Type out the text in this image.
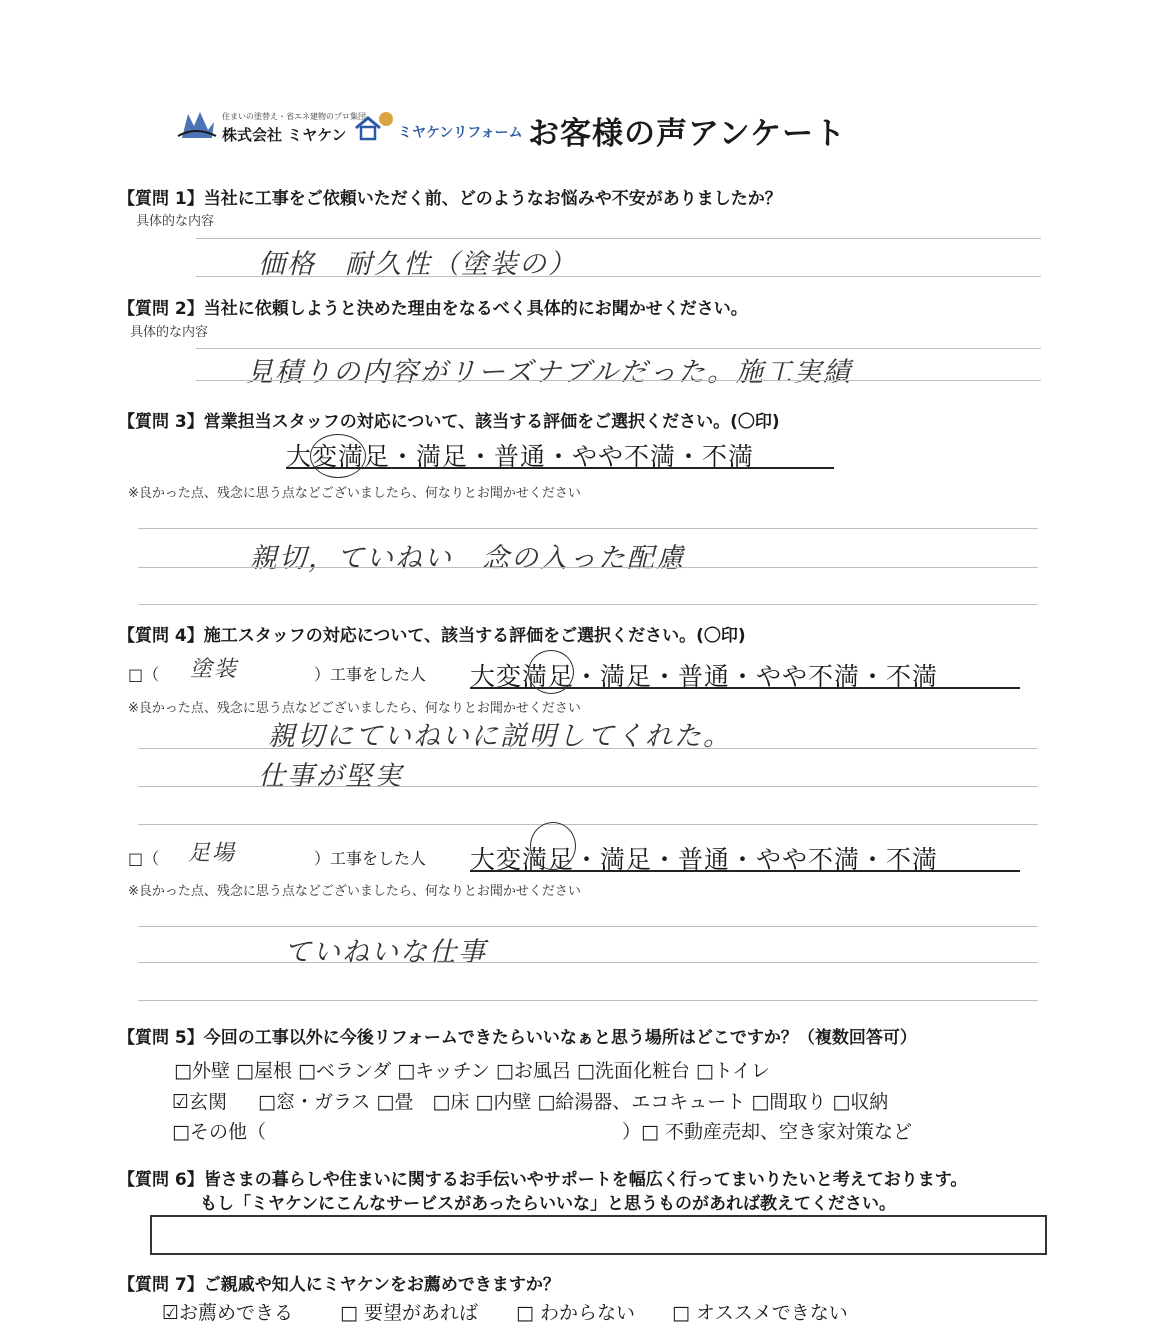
住まいの塗替え・省エネ建物のプロ集団
株式会社 ミヤケン	ミヤケンリフォーム お客様の声アンケート
【質問 1】当社に工事をご依頼いただく前、どのようなお悩みや不安がありましたか？
具体的な内容
価格　耐久性（塗装の）
【質問 2】当社に依頼しようと決めた理由をなるべく具体的にお聞かせください。
具体的な内容
見積りの内容がリーズナブルだった。施工実績
【質問 3】営業担当スタッフの対応について、該当する評価をご選択ください。(〇印)
大変満足・満足・普通・やや不満・不満
※良かった点、残念に思う点などございましたら、何なりとお聞かせください
親切，ていねい　念の入った配慮
【質問 4】施工スタッフの対応について、該当する評価をご選択ください。(〇印)
□（ 塗装	）工事をした人 大変満足・満足・普通・やや不満・不満
※良かった点、残念に思う点などございましたら、何なりとお聞かせください
親切にていねいに説明してくれた。
仕事が堅実
□（ 足場	）工事をした人 大変満足・満足・普通・やや不満・不満
※良かった点、残念に思う点などございましたら、何なりとお聞かせください
ていねいな仕事
【質問 5】今回の工事以外に今後リフォームできたらいいなぁと思う場所はどこですか？（複数回答可）
□外壁 □屋根 □ベランダ □キッチン □お風呂 □洗面化粧台 □トイレ
☑玄関 □窓・ガラス □畳　□床 □内壁 □給湯器、エコキュート □間取り □収納
□その他（	）□ 不動産売却、空き家対策など
【質問 6】皆さまの暮らしや住まいに関するお手伝いやサポートを幅広く行ってまいりたいと考えております。
もし「ミヤケンにこんなサービスがあったらいいな」と思うものがあれば教えてください。
【質問 7】ご親戚や知人にミヤケンをお薦めできますか？
☑お薦めできる □ 要望があれば □ わからない □ オススメできない
